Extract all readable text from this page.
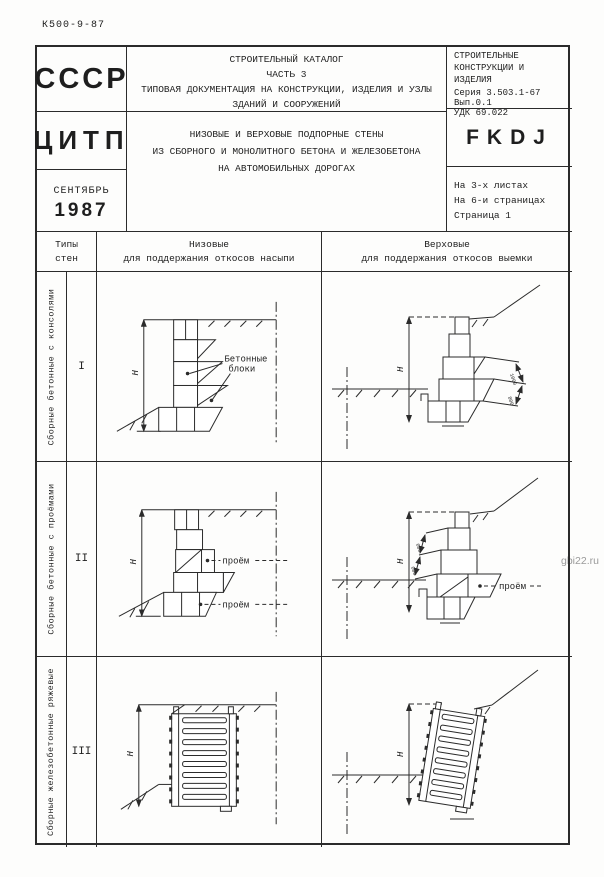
К500-9-87
gbi22.ru
СССР
ЦИТП
СЕНТЯБРЬ
1987
СТРОИТЕЛЬНЫЙ КАТАЛОГ
ЧАСТЬ 3
ТИПОВАЯ ДОКУМЕНТАЦИЯ НА КОНСТРУКЦИИ, ИЗДЕЛИЯ И УЗЛЫ
ЗДАНИЙ И СООРУЖЕНИЙ
НИЗОВЫЕ И ВЕРХОВЫЕ ПОДПОРНЫЕ СТЕНЫ
ИЗ СБОРНОГО И МОНОЛИТНОГО БЕТОНА И ЖЕЛЕЗОБЕТОНА
НА АВТОМОБИЛЬНЫХ ДОРОГАХ
СТРОИТЕЛЬНЫЕ
КОНСТРУКЦИИ И
ИЗДЕЛИЯ
Серия 3.503.1-67
Вып.0.1
УДК 69.022
FKDJ
На 3-х листах
На 6-и страницах
Страница 1
Типы
стен
Низовые
для поддержания откосов насыпи
Верховые
для поддержания откосов выемки
Сборные бетонные с консолями	I
Бетонные
блоки
Н	1000
800
Н
Сборные бетонные с проёмами	II	проём
проём
Н
600
600
проём
Н
Сборные железобетонные ряжевые	III	Н	Н
